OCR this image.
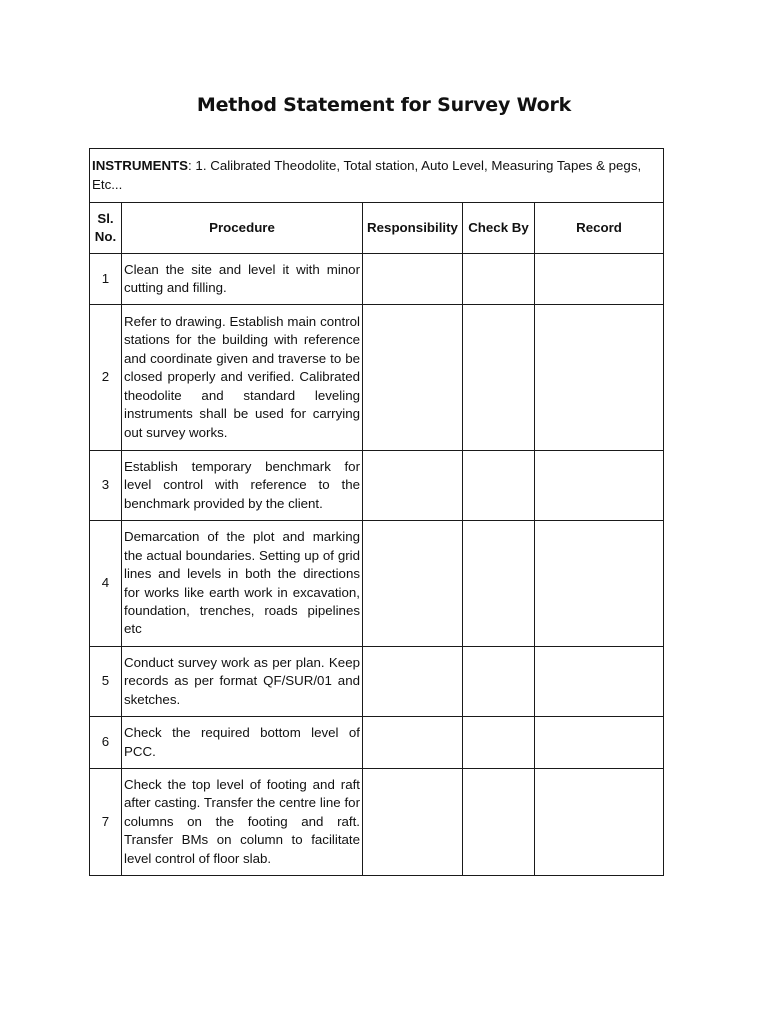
Method Statement for Survey Work
INSTRUMENTS: 1. Calibrated Theodolite, Total station, Auto Level, Measuring Tapes & pegs, Etc...				
Sl. No.	Procedure	Responsibility	Check By	Record
1	Clean the site and level it with minor cutting and filling.			
2	Refer to drawing. Establish main control stations for the building with reference and coordinate given and traverse to be closed properly and verified. Calibrated theodolite and standard leveling instruments shall be used for carrying out survey works.			
3	Establish temporary benchmark for level control with reference to the benchmark provided by the client.			
4	Demarcation of the plot and marking the actual boundaries. Setting up of grid lines and levels in both the directions for works like earth work in excavation, foundation, trenches, roads pipelines etc			
5	Conduct survey work as per plan. Keep records as per format QF/SUR/01 and sketches.			
6	Check the required bottom level of PCC.			
7	Check the top level of footing and raft after casting. Transfer the centre line for columns on the footing and raft. Transfer BMs on column to facilitate level control of floor slab.			
